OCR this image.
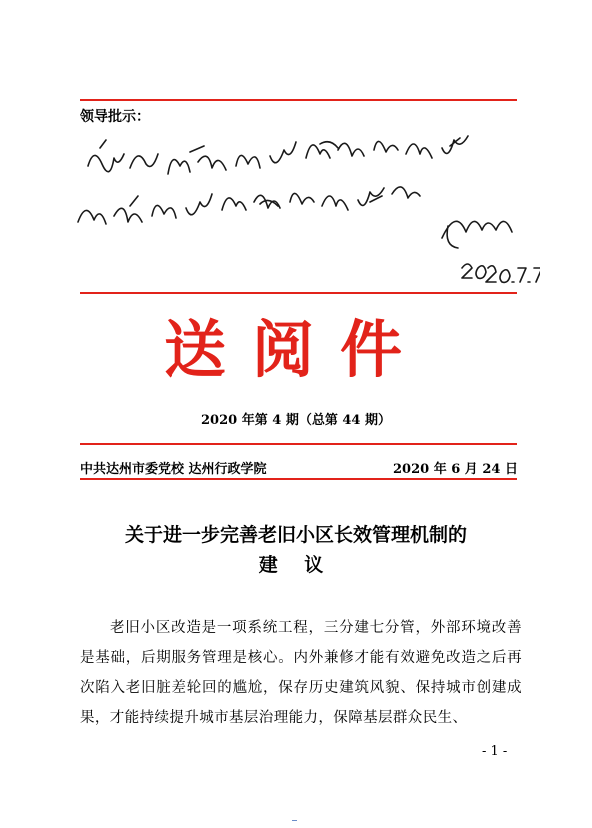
领导批示：
送阅件
2020 年第 4 期（总第 44 期）
中共达州市委党校 达州行政学院	2020 年 6 月 24 日
关于进一步完善老旧小区长效管理机制的
建 议
老旧小区改造是一项系统工程，三分建七分管，外部环境改善是基础，后期服务管理是核心。内外兼修才能有效避免改造之后再次陷入老旧脏差轮回的尴尬，保存历史建筑风貌、保持城市创建成果，才能持续提升城市基层治理能力，保障基层群众民生、
- 1 -
